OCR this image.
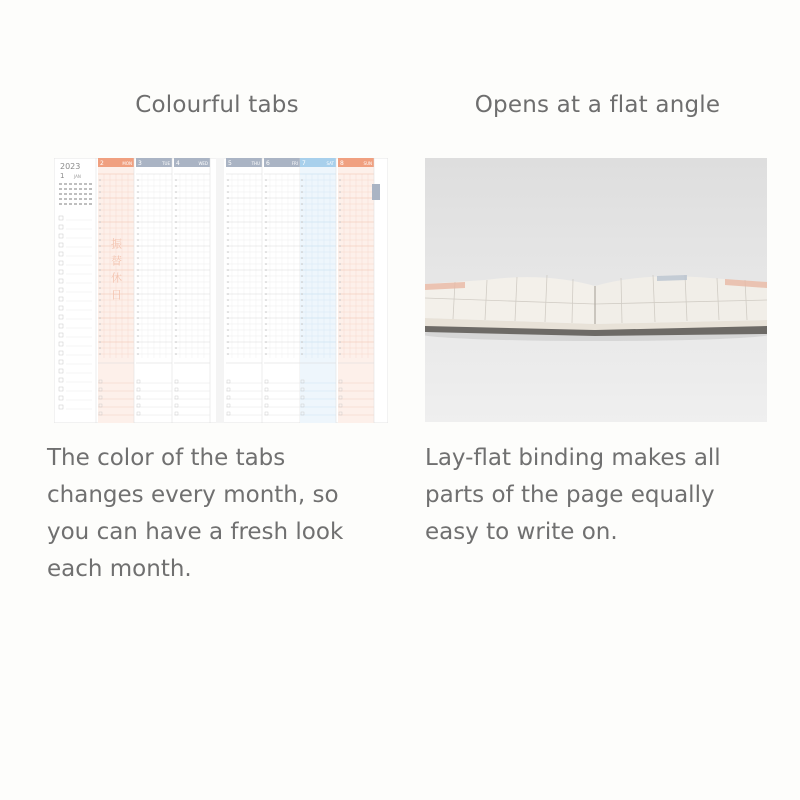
Colourful tabs
2023
1 JAN
2	MON 3	TUE 4	WED	5	THU 6	FRI 7	SAT 8	SUN
振替休日
The color of the tabs
changes every month, so
you can have a fresh look
each month.
Opens at a flat angle
Lay-flat binding makes all
parts of the page equally
easy to write on.
